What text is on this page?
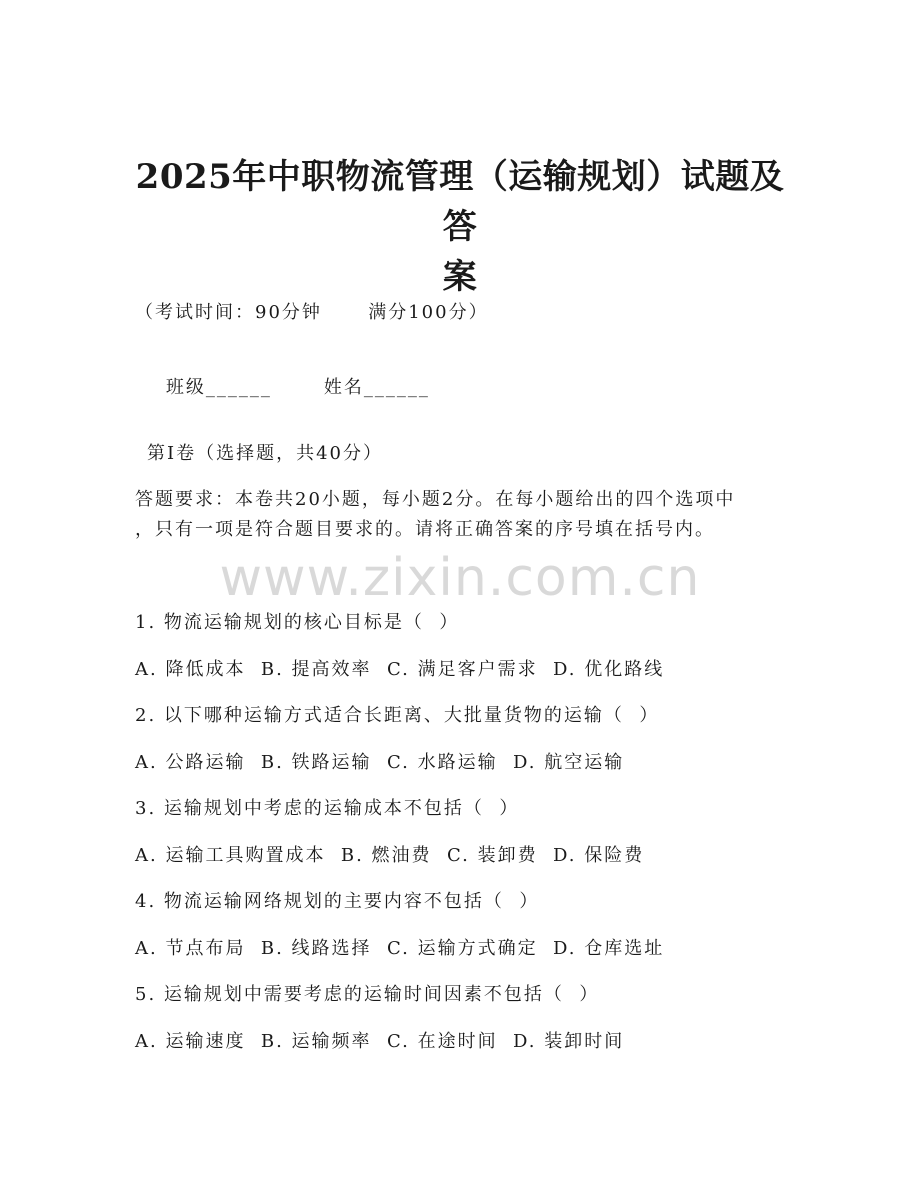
2025年中职物流管理（运输规划）试题及答
案
（考试时间：90分钟      满分100分）

班级______	姓名______

第I卷（选择题，共40分）
答题要求：本卷共20小题，每小题2分。在每小题给出的四个选项中
，只有一项是符合题目要求的。请将正确答案的序号填在括号内。
www.zixin.com.cn
1. 物流运输规划的核心目标是（  ）
A. 降低成本  B. 提高效率  C. 满足客户需求  D. 优化路线
2. 以下哪种运输方式适合长距离、大批量货物的运输（  ）
A. 公路运输  B. 铁路运输  C. 水路运输  D. 航空运输
3. 运输规划中考虑的运输成本不包括（  ）
A. 运输工具购置成本  B. 燃油费  C. 装卸费  D. 保险费
4. 物流运输网络规划的主要内容不包括（  ）
A. 节点布局  B. 线路选择  C. 运输方式确定  D. 仓库选址
5. 运输规划中需要考虑的运输时间因素不包括（  ）
A. 运输速度  B. 运输频率  C. 在途时间  D. 装卸时间
